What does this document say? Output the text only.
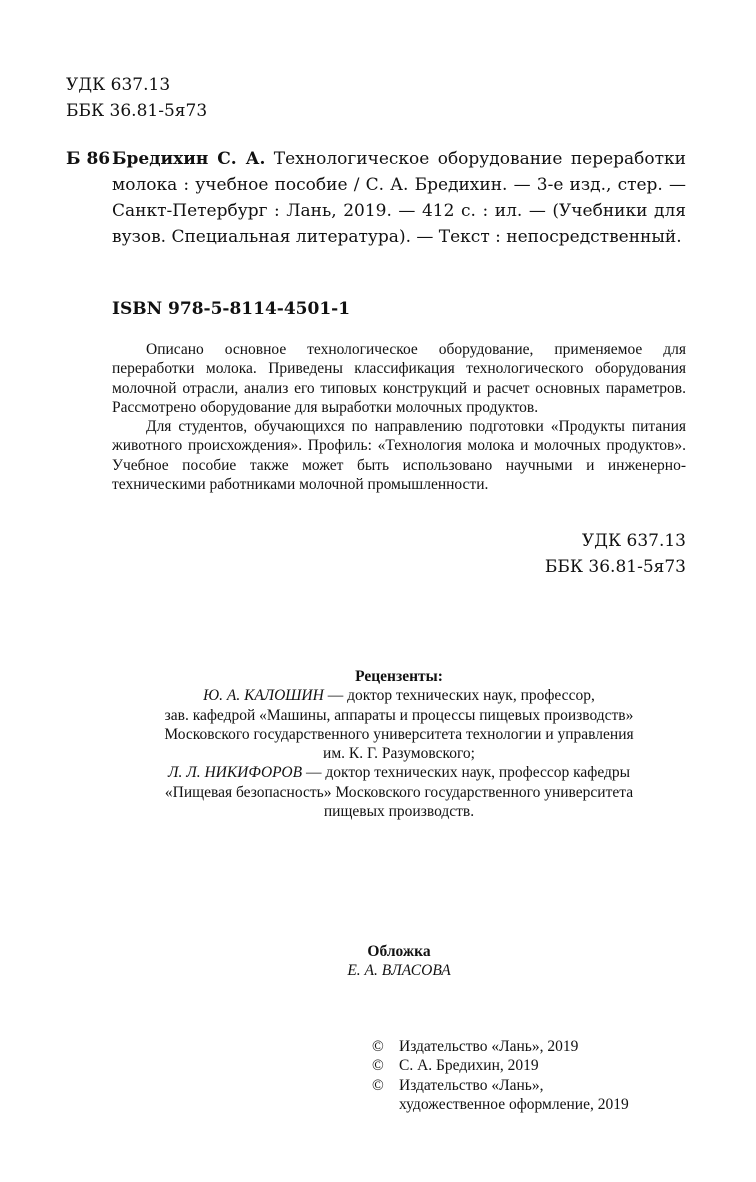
УДК 637.13
ББК 36.81-5я73
Б 86 Бредихин С. А. Технологическое оборудование переработки молока : учебное пособие / С. А. Бредихин. — 3-е изд., стер. — Санкт-Петербург : Лань, 2019. — 412 с. : ил. — (Учебники для вузов. Специальная литература). — Текст : непосредственный.
ISBN 978-5-8114-4501-1

Описано основное технологическое оборудование, применяемое для переработки молока. Приведены классификация технологического оборудования молочной отрасли, анализ его типовых конструкций и расчет основных параметров. Рассмотрено оборудование для выработки молочных продуктов.

Для студентов, обучающихся по направлению подготовки «Продукты питания животного происхождения». Профиль: «Технология молока и молочных продуктов». Учебное пособие также может быть использовано научными и инженерно-техническими работниками молочной промышленности.

УДК 637.13
ББК 36.81-5я73
Рецензенты:
Ю. А. КАЛОШИН — доктор технических наук, профессор,
зав. кафедрой «Машины, аппараты и процессы пищевых производств»
Московского государственного университета технологии и управления
им. К. Г. Разумовского;
Л. Л. НИКИФОРОВ — доктор технических наук, профессор кафедры
«Пищевая безопасность» Московского государственного университета
пищевых производств.
Обложка
Е. А. ВЛАСОВА
© Издательство «Лань», 2019
© С. А. Бредихин, 2019
© Издательство «Лань»,
художественное оформление, 2019
